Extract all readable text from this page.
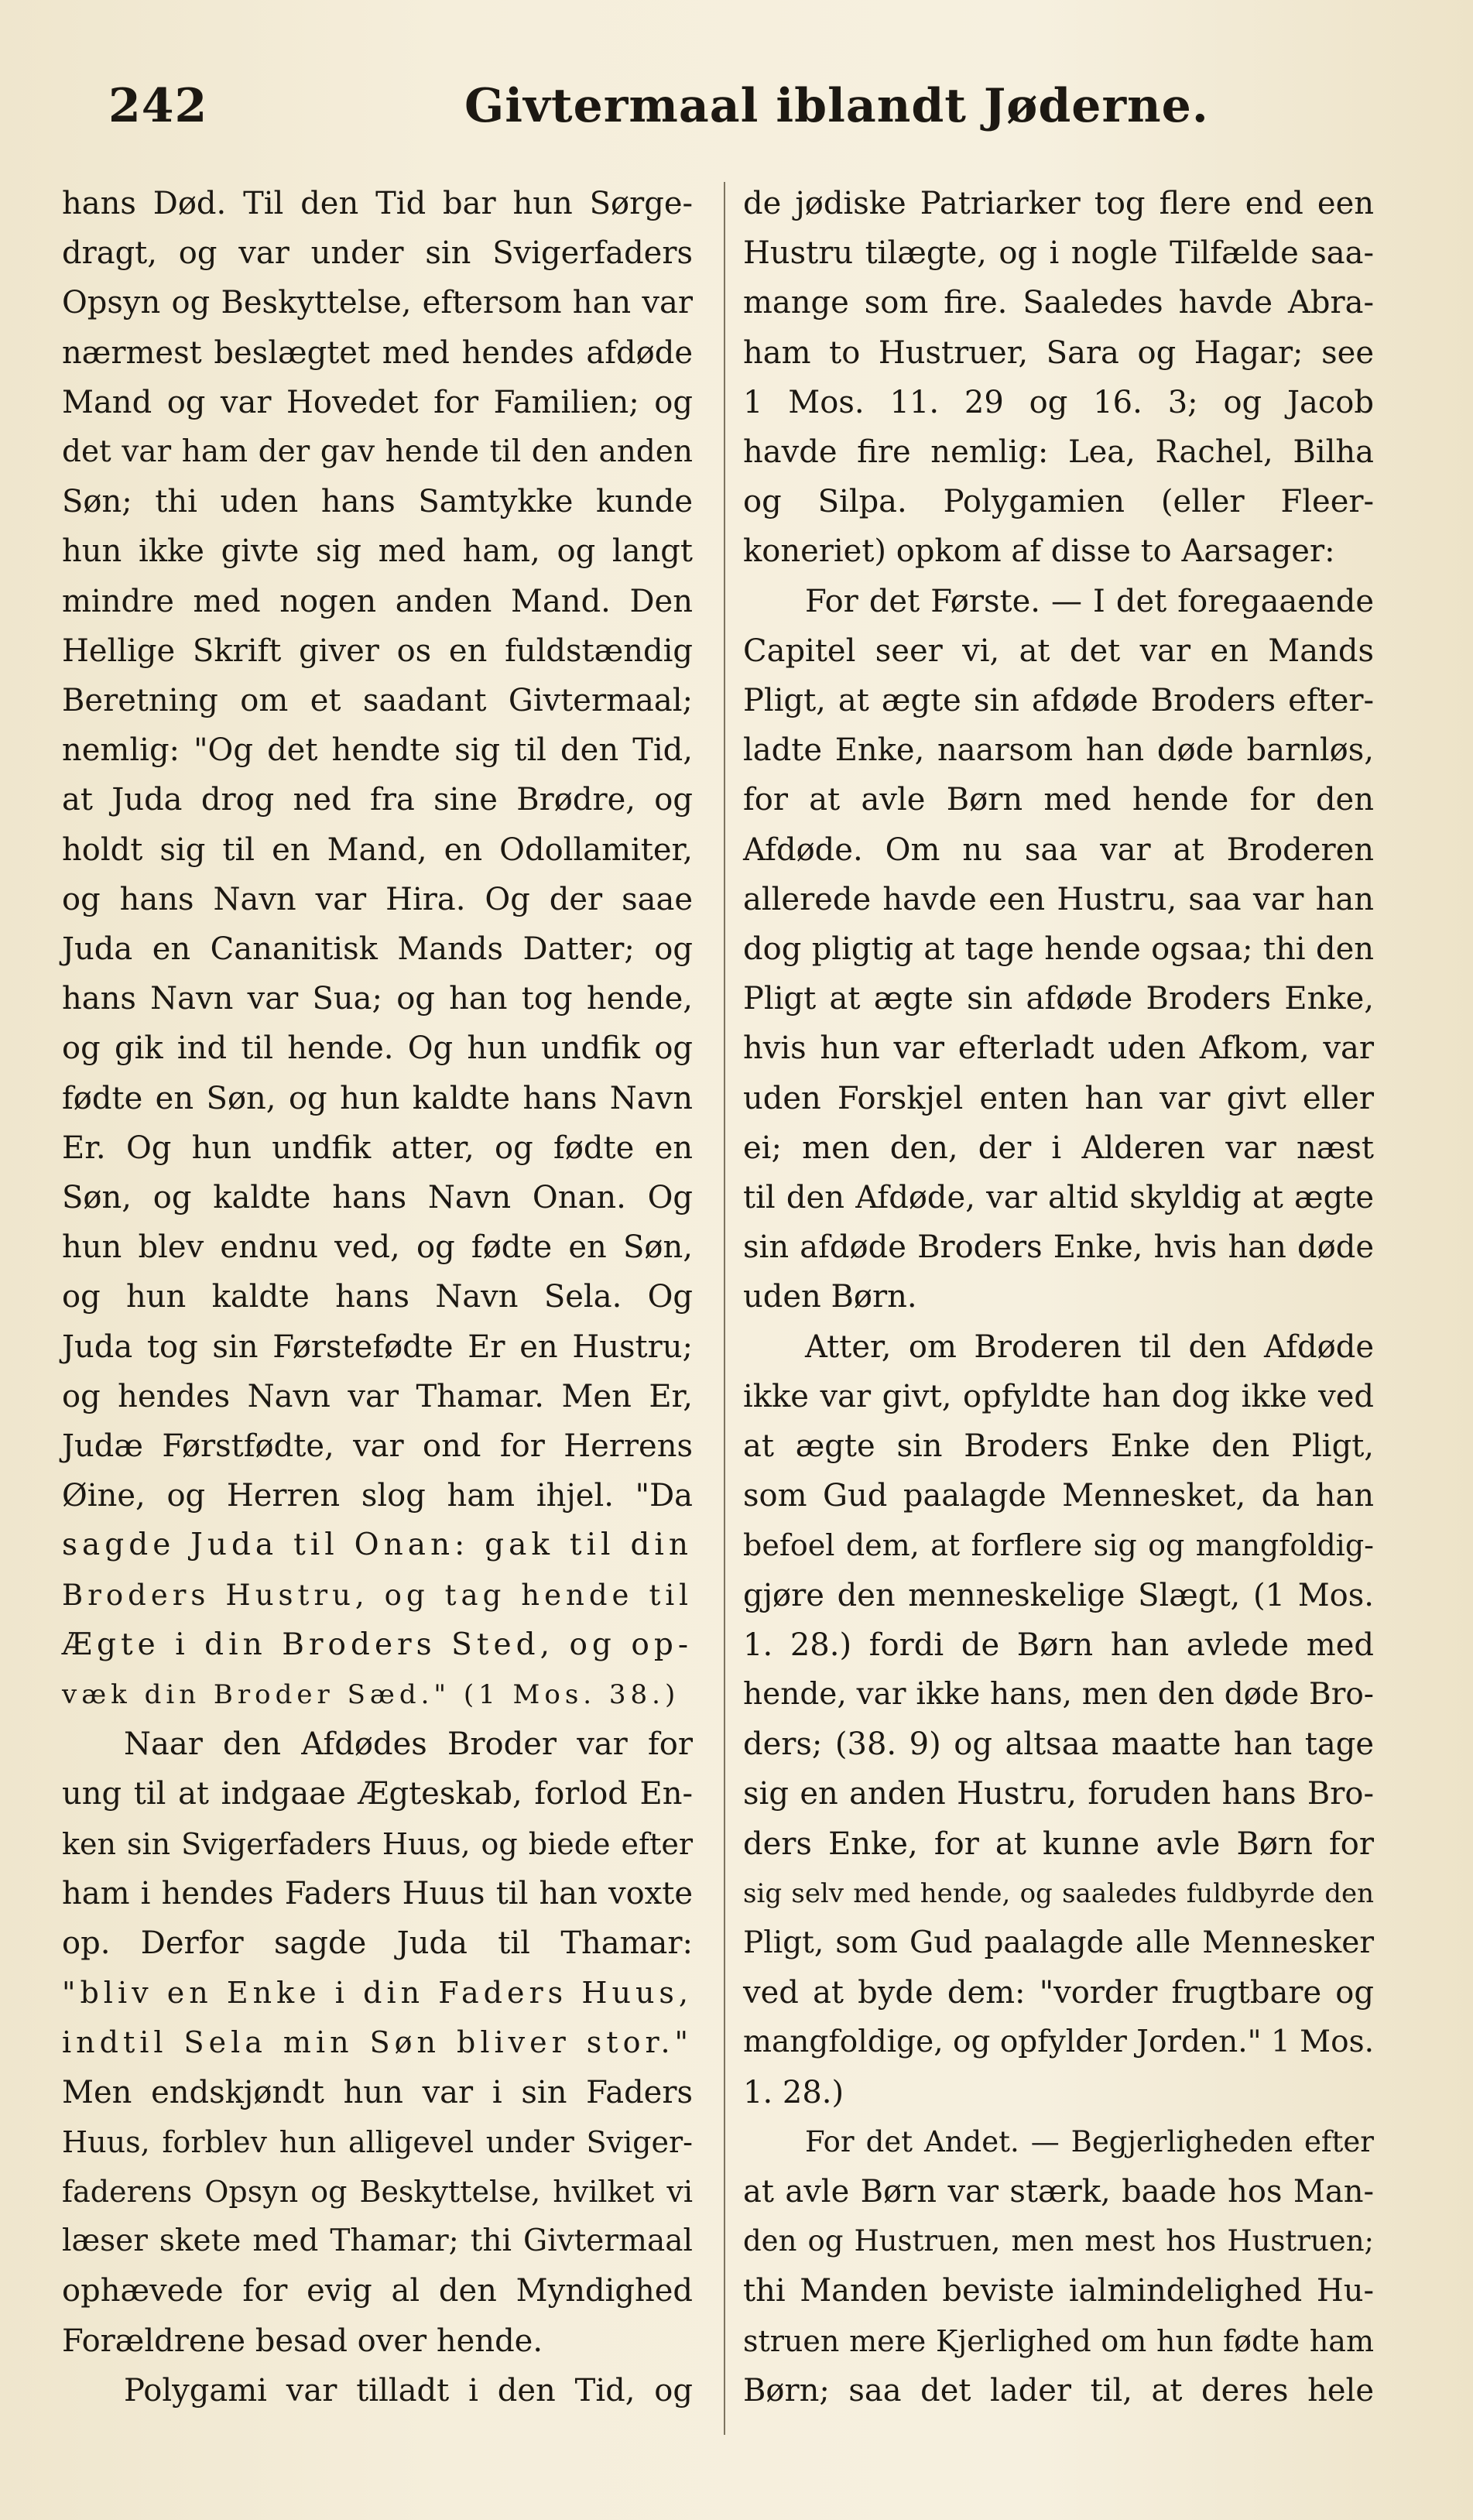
242	Givtermaal iblandt Jøderne.
hans Død. Til den Tid bar hun Sørge-
dragt, og var under sin Svigerfaders
Opsyn og Beskyttelse, eftersom han var
nærmest beslægtet med hendes afdøde
Mand og var Hovedet for Familien; og
det var ham der gav hende til den anden
Søn; thi uden hans Samtykke kunde
hun ikke givte sig med ham, og langt
mindre med nogen anden Mand. Den
Hellige Skrift giver os en fuldstændig
Beretning om et saadant Givtermaal;
nemlig: "Og det hendte sig til den Tid,
at Juda drog ned fra sine Brødre, og
holdt sig til en Mand, en Odollamiter,
og hans Navn var Hira. Og der saae
Juda en Cananitisk Mands Datter; og
hans Navn var Sua; og han tog hende,
og gik ind til hende. Og hun undfik og
fødte en Søn, og hun kaldte hans Navn
Er. Og hun undfik atter, og fødte en
Søn, og kaldte hans Navn Onan. Og
hun blev endnu ved, og fødte en Søn,
og hun kaldte hans Navn Sela. Og
Juda tog sin Førstefødte Er en Hustru;
og hendes Navn var Thamar. Men Er,
Judæ Førstfødte, var ond for Herrens
Øine, og Herren slog ham ihjel. "Da
sagde Juda til Onan: gak til din
Broders Hustru, og tag hende til
Ægte i din Broders Sted, og op-
væk din Broder Sæd." (1 Mos. 38.)
Naar den Afdødes Broder var for
ung til at indgaae Ægteskab, forlod En-
ken sin Svigerfaders Huus, og biede efter
ham i hendes Faders Huus til han voxte
op. Derfor sagde Juda til Thamar:
"bliv en Enke i din Faders Huus,
indtil Sela min Søn bliver stor."
Men endskjøndt hun var i sin Faders
Huus, forblev hun alligevel under Sviger-
faderens Opsyn og Beskyttelse, hvilket vi
læser skete med Thamar; thi Givtermaal
ophævede for evig al den Myndighed
Forældrene besad over hende.
Polygami var tilladt i den Tid, og
de jødiske Patriarker tog flere end een
Hustru tilægte, og i nogle Tilfælde saa-
mange som fire. Saaledes havde Abra-
ham to Hustruer, Sara og Hagar; see
1 Mos. 11. 29 og 16. 3; og Jacob
havde fire nemlig: Lea, Rachel, Bilha
og Silpa. Polygamien (eller Fleer-
koneriet) opkom af disse to Aarsager:
For det Første. — I det foregaaende
Capitel seer vi, at det var en Mands
Pligt, at ægte sin afdøde Broders efter-
ladte Enke, naarsom han døde barnløs,
for at avle Børn med hende for den
Afdøde. Om nu saa var at Broderen
allerede havde een Hustru, saa var han
dog pligtig at tage hende ogsaa; thi den
Pligt at ægte sin afdøde Broders Enke,
hvis hun var efterladt uden Afkom, var
uden Forskjel enten han var givt eller
ei; men den, der i Alderen var næst
til den Afdøde, var altid skyldig at ægte
sin afdøde Broders Enke, hvis han døde
uden Børn.
Atter, om Broderen til den Afdøde
ikke var givt, opfyldte han dog ikke ved
at ægte sin Broders Enke den Pligt,
som Gud paalagde Mennesket, da han
befoel dem, at forflere sig og mangfoldig-
gjøre den menneskelige Slægt, (1 Mos.
1. 28.) fordi de Børn han avlede med
hende, var ikke hans, men den døde Bro-
ders; (38. 9) og altsaa maatte han tage
sig en anden Hustru, foruden hans Bro-
ders Enke, for at kunne avle Børn for
sig selv med hende, og saaledes fuldbyrde den
Pligt, som Gud paalagde alle Mennesker
ved at byde dem: "vorder frugtbare og
mangfoldige, og opfylder Jorden." 1 Mos.
1. 28.)
For det Andet. — Begjerligheden efter
at avle Børn var stærk, baade hos Man-
den og Hustruen, men mest hos Hustruen;
thi Manden beviste ialmindelighed Hu-
struen mere Kjerlighed om hun fødte ham
Børn; saa det lader til, at deres hele
